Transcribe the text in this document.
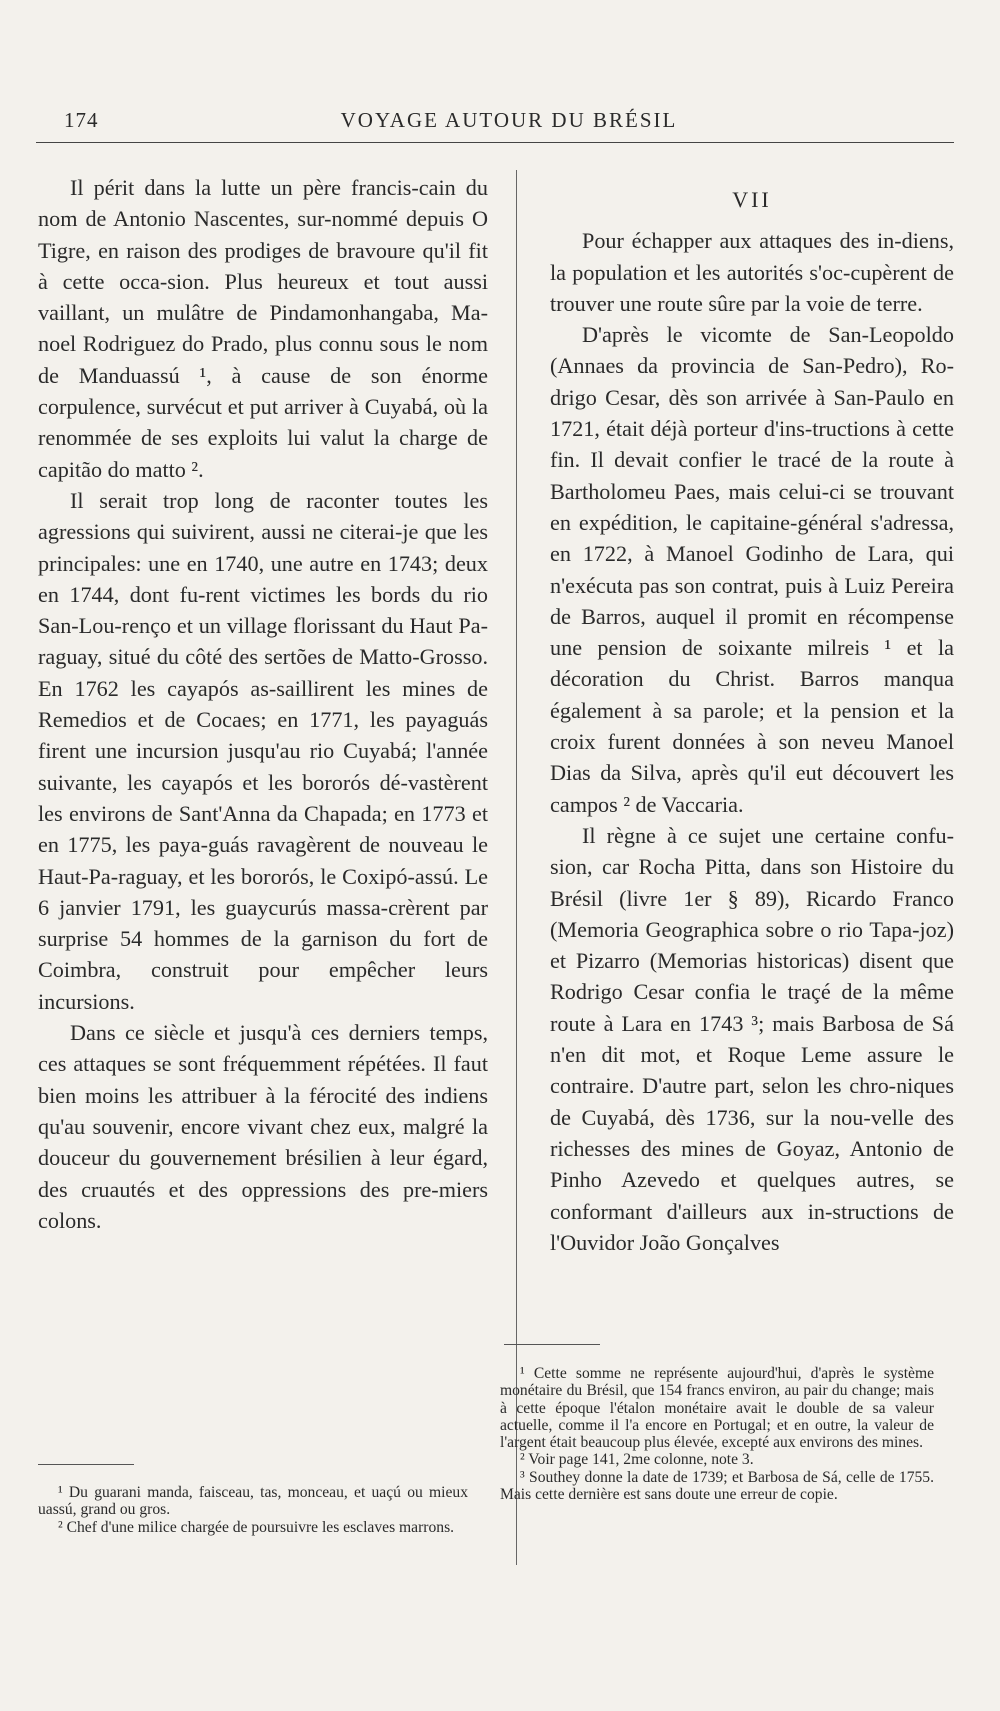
174	VOYAGE AUTOUR DU BRÉSIL

Il périt dans la lutte un père francis-cain du nom de Antonio Nascentes, sur-nommé depuis O Tigre, en raison des prodiges de bravoure qu'il fit à cette occa-sion. Plus heureux et tout aussi vaillant, un mulâtre de Pindamonhangaba, Ma-noel Rodriguez do Prado, plus connu sous le nom de Manduassú ¹, à cause de son énorme corpulence, survécut et put arriver à Cuyabá, où la renommée de ses exploits lui valut la charge de capitão do matto ².

Il serait trop long de raconter toutes les agressions qui suivirent, aussi ne citerai-je que les principales: une en 1740, une autre en 1743; deux en 1744, dont fu-rent victimes les bords du rio San-Lou-renço et un village florissant du Haut Pa-raguay, situé du côté des sertões de Matto-Grosso. En 1762 les cayapós as-saillirent les mines de Remedios et de Cocaes; en 1771, les payaguás firent une incursion jusqu'au rio Cuyabá; l'année suivante, les cayapós et les bororós dé-vastèrent les environs de Sant'Anna da Chapada; en 1773 et en 1775, les paya-guás ravagèrent de nouveau le Haut-Pa-raguay, et les bororós, le Coxipó-assú. Le 6 janvier 1791, les guaycurús massa-crèrent par surprise 54 hommes de la garnison du fort de Coimbra, construit pour empêcher leurs incursions.

Dans ce siècle et jusqu'à ces derniers temps, ces attaques se sont fréquemment répétées. Il faut bien moins les attribuer à la férocité des indiens qu'au souvenir, encore vivant chez eux, malgré la douceur du gouvernement brésilien à leur égard, des cruautés et des oppressions des pre-miers colons.

VII

Pour échapper aux attaques des in-diens, la population et les autorités s'oc-cupèrent de trouver une route sûre par la voie de terre.

D'après le vicomte de San-Leopoldo (Annaes da provincia de San-Pedro), Ro-drigo Cesar, dès son arrivée à San-Paulo en 1721, était déjà porteur d'ins-tructions à cette fin. Il devait confier le tracé de la route à Bartholomeu Paes, mais celui-ci se trouvant en expédition, le capitaine-général s'adressa, en 1722, à Manoel Godinho de Lara, qui n'exécuta pas son contrat, puis à Luiz Pereira de Barros, auquel il promit en récompense une pension de soixante milreis ¹ et la décoration du Christ. Barros manqua également à sa parole; et la pension et la croix furent données à son neveu Manoel Dias da Silva, après qu'il eut découvert les campos ² de Vaccaria.

Il règne à ce sujet une certaine confu-sion, car Rocha Pitta, dans son Histoire du Brésil (livre 1er § 89), Ricardo Franco (Memoria Geographica sobre o rio Tapa-joz) et Pizarro (Memorias historicas) disent que Rodrigo Cesar confia le traçé de la même route à Lara en 1743 ³; mais Barbosa de Sá n'en dit mot, et Roque Leme assure le contraire. D'autre part, selon les chro-niques de Cuyabá, dès 1736, sur la nou-velle des richesses des mines de Goyaz, Antonio de Pinho Azevedo et quelques autres, se conformant d'ailleurs aux in-structions de l'Ouvidor João Gonçalves

¹ Du guarani manda, faisceau, tas, monceau, et uaçú ou mieux uassú, grand ou gros.

² Chef d'une milice chargée de poursuivre les esclaves marrons.

¹ Cette somme ne représente aujourd'hui, d'après le système monétaire du Brésil, que 154 francs environ, au pair du change; mais à cette époque l'étalon monétaire avait le double de sa valeur actuelle, comme il l'a encore en Portugal; et en outre, la valeur de l'argent était beaucoup plus élevée, excepté aux environs des mines.

² Voir page 141, 2me colonne, note 3.

³ Southey donne la date de 1739; et Barbosa de Sá, celle de 1755. Mais cette dernière est sans doute une erreur de copie.
